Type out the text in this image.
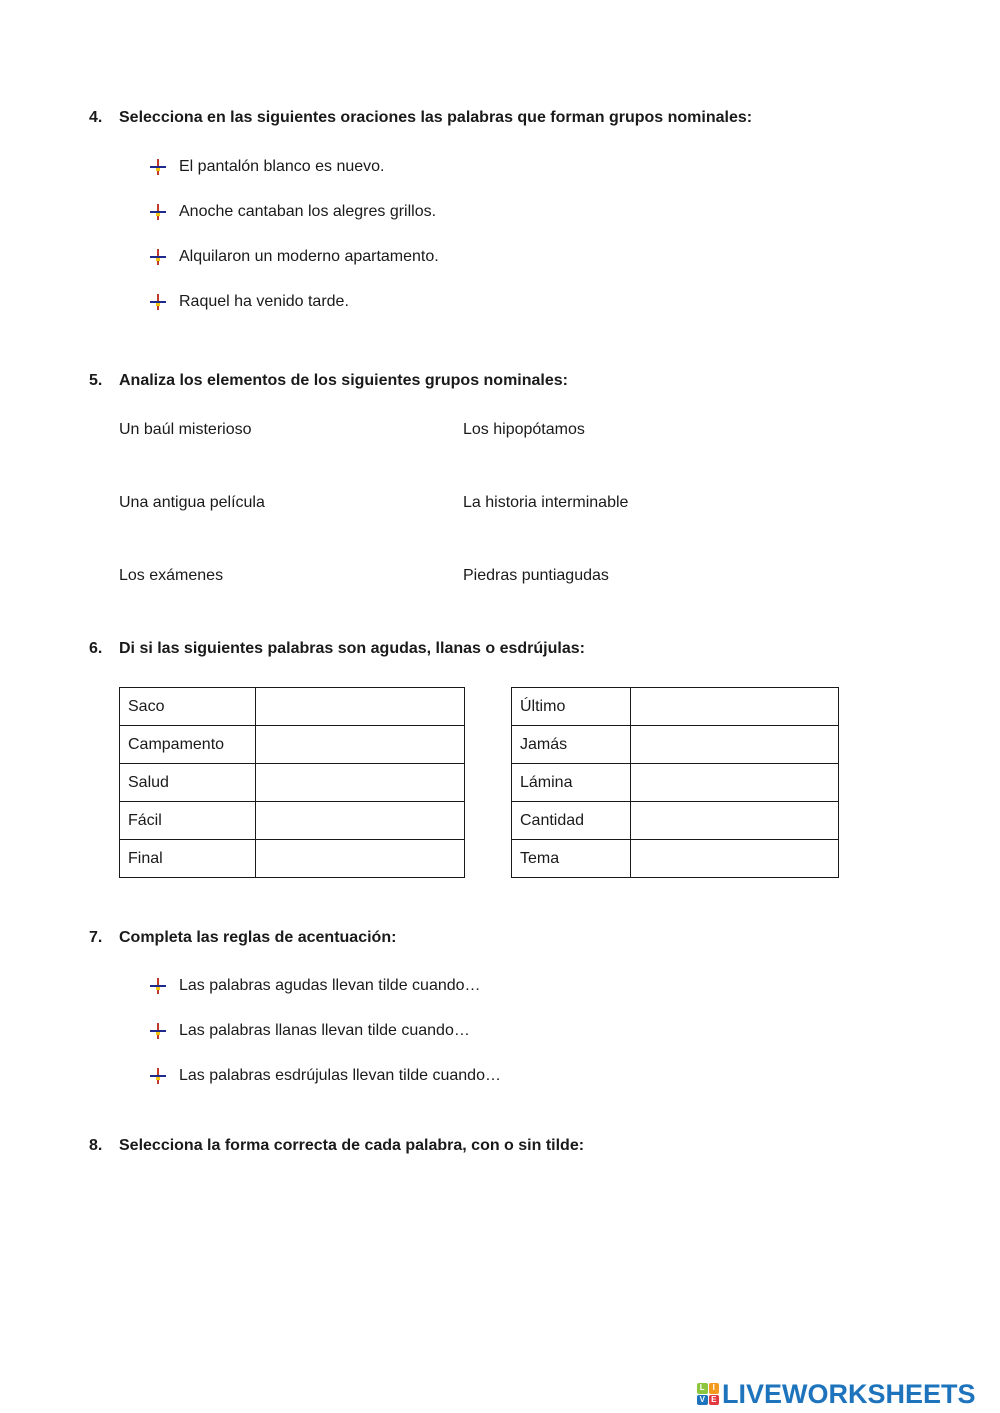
4. Selecciona en las siguientes oraciones las palabras que forman grupos nominales:
El pantalón blanco es nuevo.
Anoche cantaban los alegres grillos.
Alquilaron un moderno apartamento.
Raquel ha venido tarde.
5. Analiza los elementos de los siguientes grupos nominales:
Un baúl misterioso	Los hipopótamos
Una antigua película	La historia interminable
Los exámenes	Piedras puntiagudas
6. Di si las siguientes palabras son agudas, llanas o esdrújulas:
Saco	
Campamento	
Salud	
Fácil	
Final	
Último	
Jamás	
Lámina	
Cantidad	
Tema	
7. Completa las reglas de acentuación:
Las palabras agudas llevan tilde cuando…
Las palabras llanas llevan tilde cuando…
Las palabras esdrújulas llevan tilde cuando…
8. Selecciona la forma correcta de cada palabra, con o sin tilde:
L I
V E LIVEWORKSHEETS
